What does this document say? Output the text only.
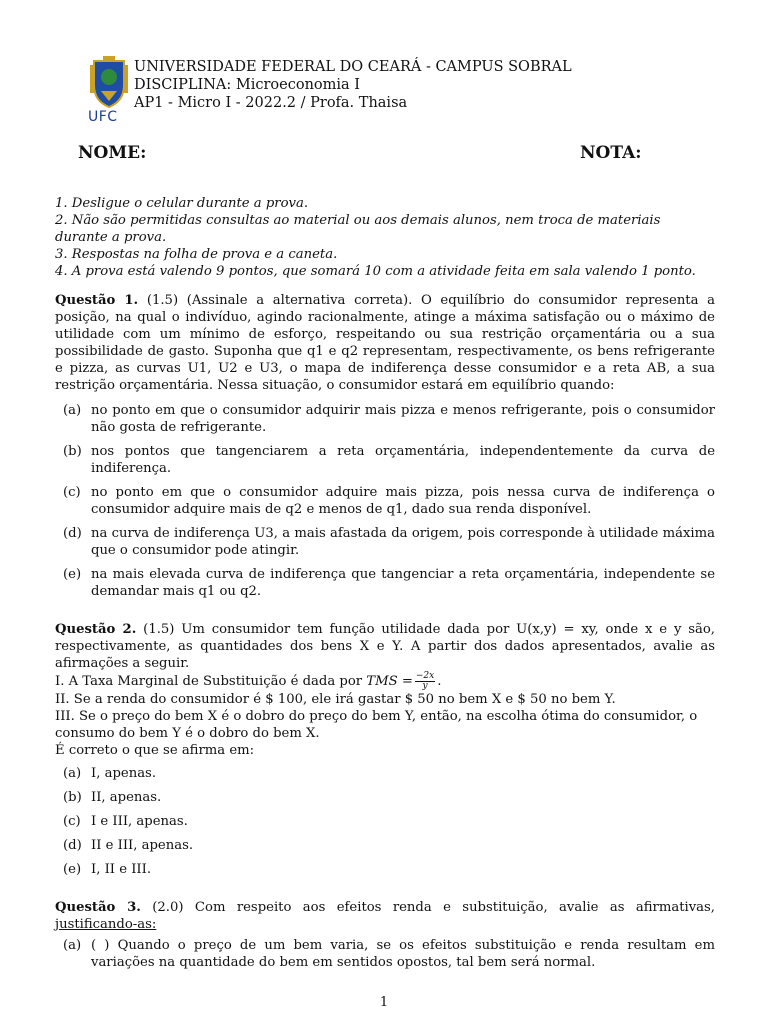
UFC
UNIVERSIDADE FEDERAL DO CEARÁ - CAMPUS SOBRAL
DISCIPLINA: Microeconomia I
AP1 - Micro I - 2022.2 / Profa. Thaisa
NOME:	NOTA:
1. Desligue o celular durante a prova.
2. Não são permitidas consultas ao material ou aos demais alunos, nem troca de materiais durante a prova.
3. Respostas na folha de prova e a caneta.
4. A prova está valendo 9 pontos, que somará 10 com a atividade feita em sala valendo 1 ponto.

Questão 1. (1.5) (Assinale a alternativa correta). O equilíbrio do consumidor representa a posição, na qual o indivíduo, agindo racionalmente, atinge a máxima satisfação ou o máximo de utilidade com um mínimo de esforço, respeitando ou sua restrição orçamentária ou a sua possibilidade de gasto. Suponha que q1 e q2 representam, respectivamente, os bens refrigerante e pizza, as curvas U1, U2 e U3, o mapa de indiferença desse consumidor e a reta AB, a sua restrição orçamentária. Nessa situação, o consumidor estará em equilíbrio quando:

(a) no ponto em que o consumidor adquirir mais pizza e menos refrigerante, pois o consumidor não gosta de refrigerante.
(b) nos pontos que tangenciarem a reta orçamentária, independentemente da curva de indiferença.
(c) no ponto em que o consumidor adquire mais pizza, pois nessa curva de indiferença o consumidor adquire mais de q2 e menos de q1, dado sua renda disponível.
(d) na curva de indiferença U3, a mais afastada da origem, pois corresponde à utilidade máxima que o consumidor pode atingir.
(e) na mais elevada curva de indiferença que tangenciar a reta orçamentária, independente se demandar mais q1 ou q2.

Questão 2. (1.5) Um consumidor tem função utilidade dada por U(x,y) = xy, onde x e y são, respectivamente, as quantidades dos bens X e Y. A partir dos dados apresentados, avalie as afirmações a seguir.

I. A Taxa Marginal de Substituição é dada por TMS = $\frac{-2x}{y}$ .

II. Se a renda do consumidor é $ 100, ele irá gastar $ 50 no bem X e $ 50 no bem Y.

III. Se o preço do bem X é o dobro do preço do bem Y, então, na escolha ótima do consumidor, o consumo do bem Y é o dobro do bem X.

É correto o que se afirma em:

(a) I, apenas.
(b) II, apenas.
(c) I e III, apenas.
(d) II e III, apenas.
(e) I, II e III.

Questão 3. (2.0) Com respeito aos efeitos renda e substituição, avalie as afirmativas, justificando-as:

(a) ( ) Quando o preço de um bem varia, se os efeitos substituição e renda resultam em variações na quantidade do bem em sentidos opostos, tal bem será normal.
1
